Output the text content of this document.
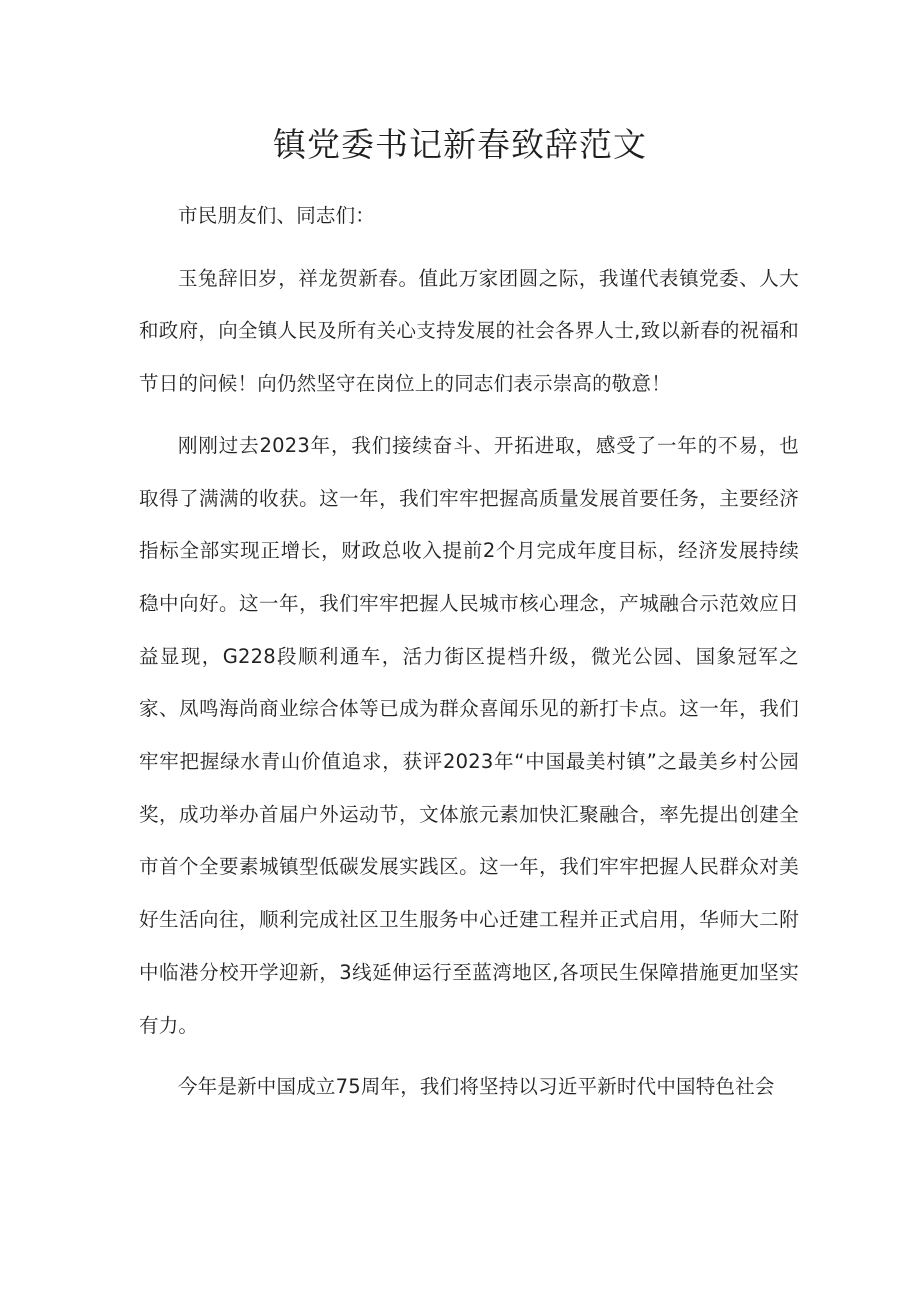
镇党委书记新春致辞范文

市民朋友们、同志们：

玉兔辞旧岁，祥龙贺新春。值此万家团圆之际，我谨代表镇党委、人大和政府，向全镇人民及所有关心支持发展的社会各界人士,致以新春的祝福和节日的问候！向仍然坚守在岗位上的同志们表示崇高的敬意！

刚刚过去2023年，我们接续奋斗、开拓进取，感受了一年的不易，也取得了满满的收获。这一年，我们牢牢把握高质量发展首要任务，主要经济指标全部实现正增长，财政总收入提前2个月完成年度目标，经济发展持续稳中向好。这一年，我们牢牢把握人民城市核心理念，产城融合示范效应日益显现，G228段顺利通车，活力街区提档升级，微光公园、国象冠军之家、凤鸣海尚商业综合体等已成为群众喜闻乐见的新打卡点。这一年，我们牢牢把握绿水青山价值追求，获评2023年“中国最美村镇”之最美乡村公园奖，成功举办首届户外运动节，文体旅元素加快汇聚融合，率先提出创建全市首个全要素城镇型低碳发展实践区。这一年，我们牢牢把握人民群众对美好生活向往，顺利完成社区卫生服务中心迁建工程并正式启用，华师大二附中临港分校开学迎新，3线延伸运行至蓝湾地区,各项民生保障措施更加坚实有力。

今年是新中国成立75周年，我们将坚持以习近平新时代中国特色社会
